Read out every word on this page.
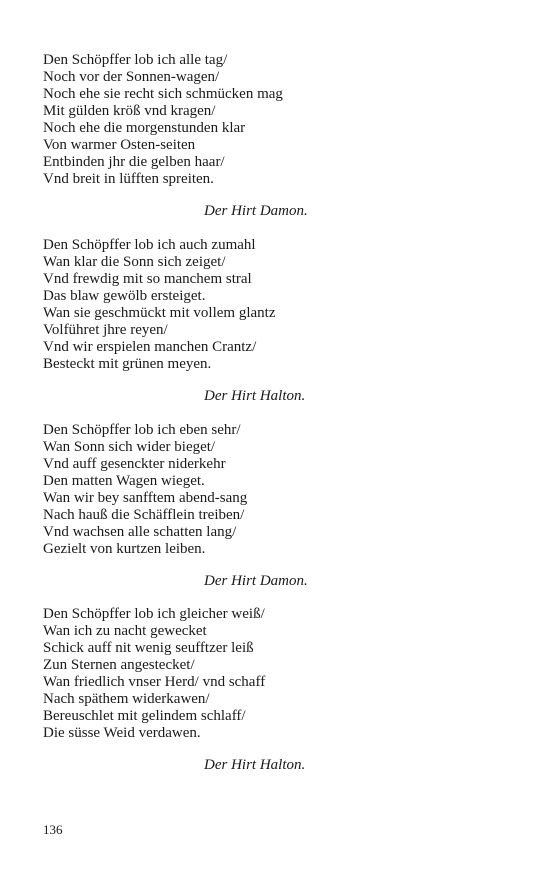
Den Schöpffer lob ich alle tag/
Noch vor der Sonnen-wagen/
Noch ehe sie recht sich schmücken mag
Mit gülden kröß vnd kragen/
Noch ehe die morgenstunden klar
Von warmer Osten-seiten
Entbinden jhr die gelben haar/
Vnd breit in lüfften spreiten.
Der Hirt Damon.
Den Schöpffer lob ich auch zumahl
Wan klar die Sonn sich zeiget/
Vnd frewdig mit so manchem stral
Das blaw gewölb ersteiget.
Wan sie geschmückt mit vollem glantz
Volführet jhre reyen/
Vnd wir erspielen manchen Crantz/
Besteckt mit grünen meyen.
Der Hirt Halton.
Den Schöpffer lob ich eben sehr/
Wan Sonn sich wider bieget/
Vnd auff gesenckter niderkehr
Den matten Wagen wieget.
Wan wir bey sanfftem abend-sang
Nach hauß die Schäfflein treiben/
Vnd wachsen alle schatten lang/
Gezielt von kurtzen leiben.
Der Hirt Damon.
Den Schöpffer lob ich gleicher weiß/
Wan ich zu nacht gewecket
Schick auff nit wenig seufftzer leiß
Zun Sternen angestecket/
Wan friedlich vnser Herd/ vnd schaff
Nach späthem widerkawen/
Bereuschlet mit gelindem schlaff/
Die süsse Weid verdawen.
Der Hirt Halton.
136
